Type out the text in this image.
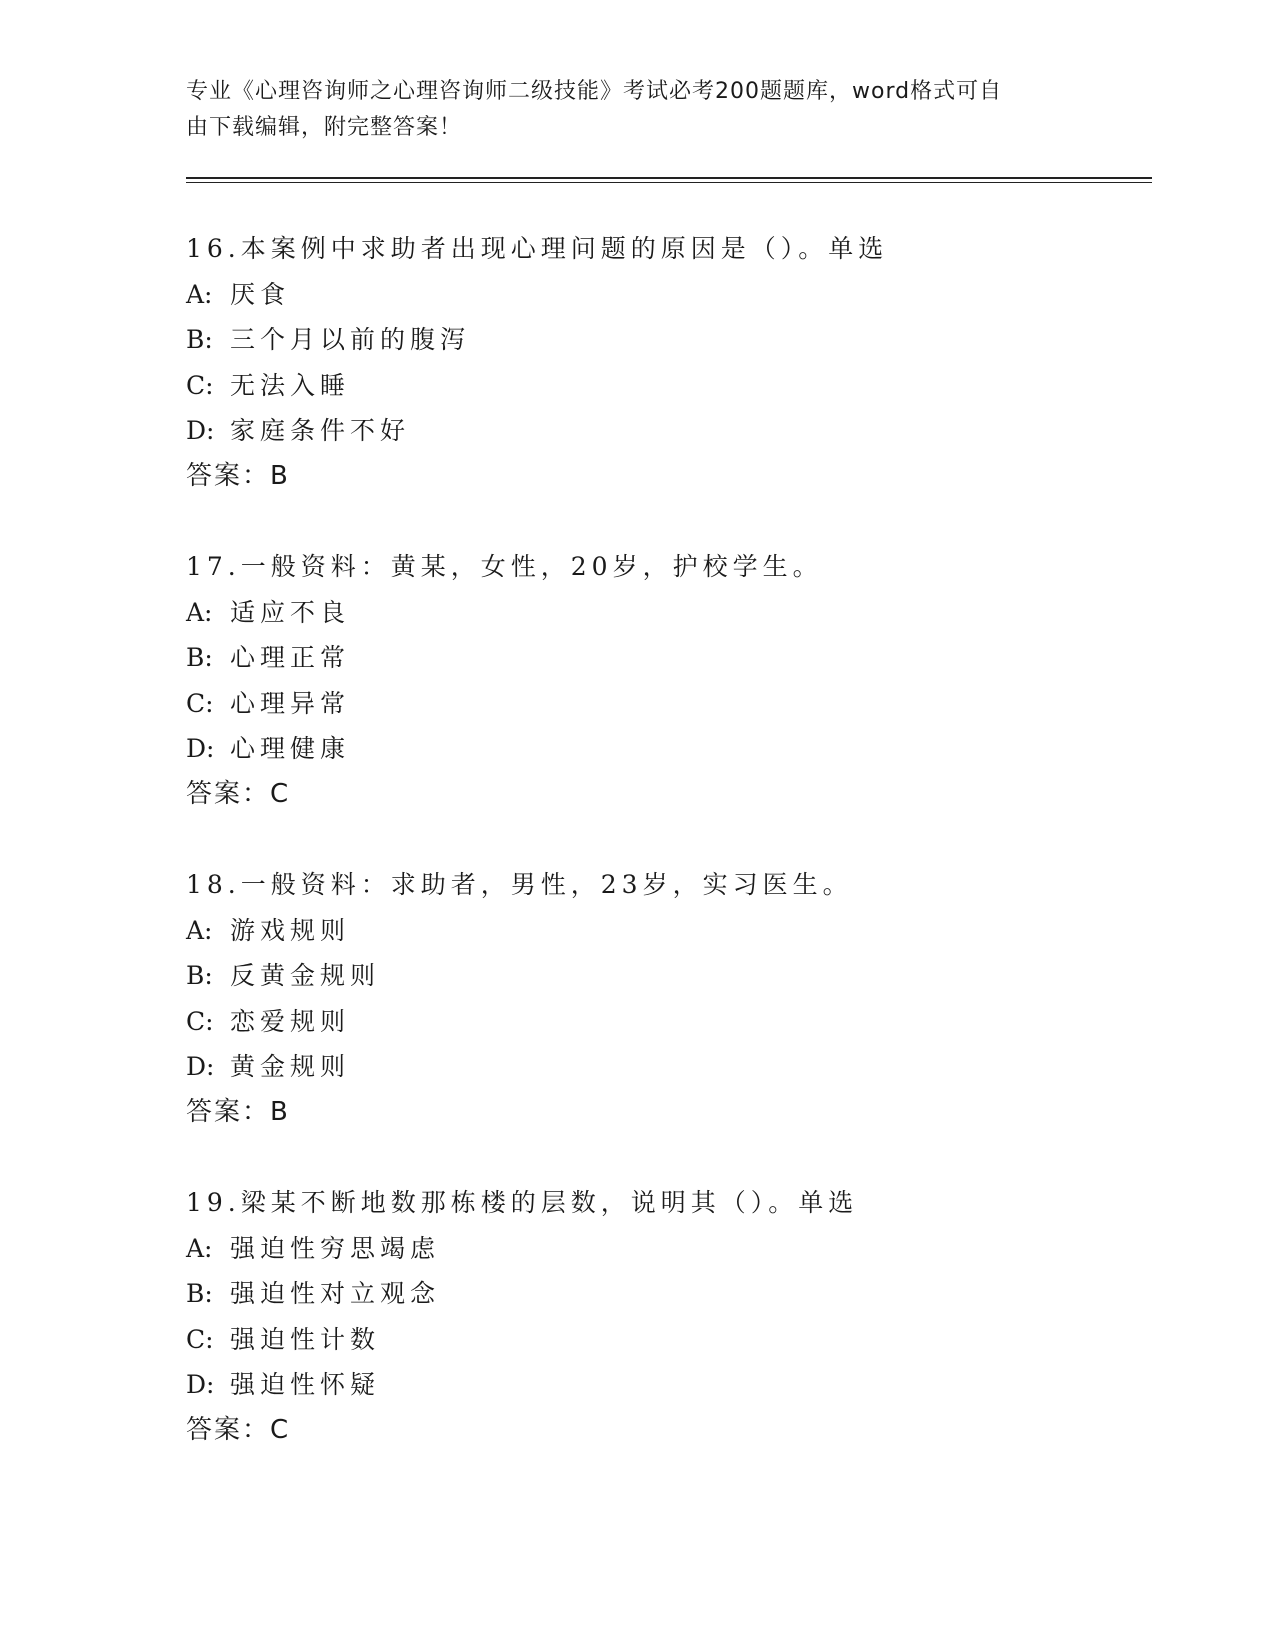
专业《心理咨询师之心理咨询师二级技能》考试必考200题题库，word格式可自
由下载编辑，附完整答案！
16.本案例中求助者出现心理问题的原因是（）。单选
A: 厌食
B: 三个月以前的腹泻
C: 无法入睡
D: 家庭条件不好
答案：B
17.一般资料：黄某，女性，20岁，护校学生。
A: 适应不良
B: 心理正常
C: 心理异常
D: 心理健康
答案：C
18.一般资料：求助者，男性，23岁，实习医生。
A: 游戏规则
B: 反黄金规则
C: 恋爱规则
D: 黄金规则
答案：B
19.梁某不断地数那栋楼的层数，说明其（）。单选
A: 强迫性穷思竭虑
B: 强迫性对立观念
C: 强迫性计数
D: 强迫性怀疑
答案：C
